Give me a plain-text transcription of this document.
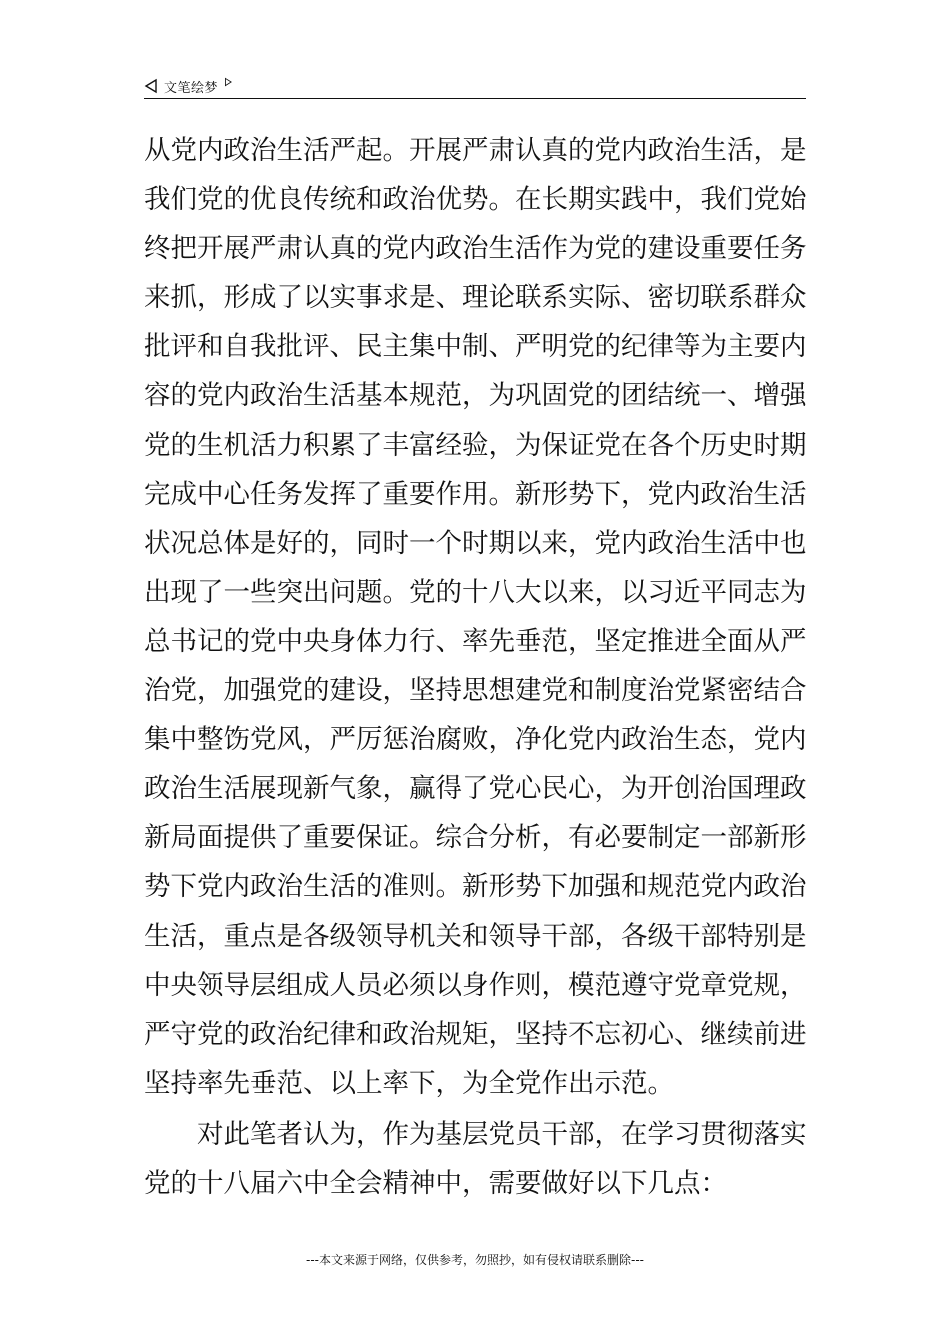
文笔绘梦
从党内政治生活严起。开展严肃认真的党内政治生活，是
我们党的优良传统和政治优势。在长期实践中，我们党始
终把开展严肃认真的党内政治生活作为党的建设重要任务
来抓，形成了以实事求是、理论联系实际、密切联系群众
批评和自我批评、民主集中制、严明党的纪律等为主要内
容的党内政治生活基本规范，为巩固党的团结统一、增强
党的生机活力积累了丰富经验，为保证党在各个历史时期
完成中心任务发挥了重要作用。新形势下，党内政治生活
状况总体是好的，同时一个时期以来，党内政治生活中也
出现了一些突出问题。党的十八大以来，以习近平同志为
总书记的党中央身体力行、率先垂范，坚定推进全面从严
治党，加强党的建设，坚持思想建党和制度治党紧密结合
集中整饬党风，严厉惩治腐败，净化党内政治生态，党内
政治生活展现新气象，赢得了党心民心，为开创治国理政
新局面提供了重要保证。综合分析，有必要制定一部新形
势下党内政治生活的准则。新形势下加强和规范党内政治
生活，重点是各级领导机关和领导干部，各级干部特别是
中央领导层组成人员必须以身作则，模范遵守党章党规，
严守党的政治纪律和政治规矩，坚持不忘初心、继续前进
坚持率先垂范、以上率下，为全党作出示范。
对此笔者认为，作为基层党员干部，在学习贯彻落实
党的十八届六中全会精神中，需要做好以下几点：
---本文来源于网络，仅供参考，勿照抄，如有侵权请联系删除---
